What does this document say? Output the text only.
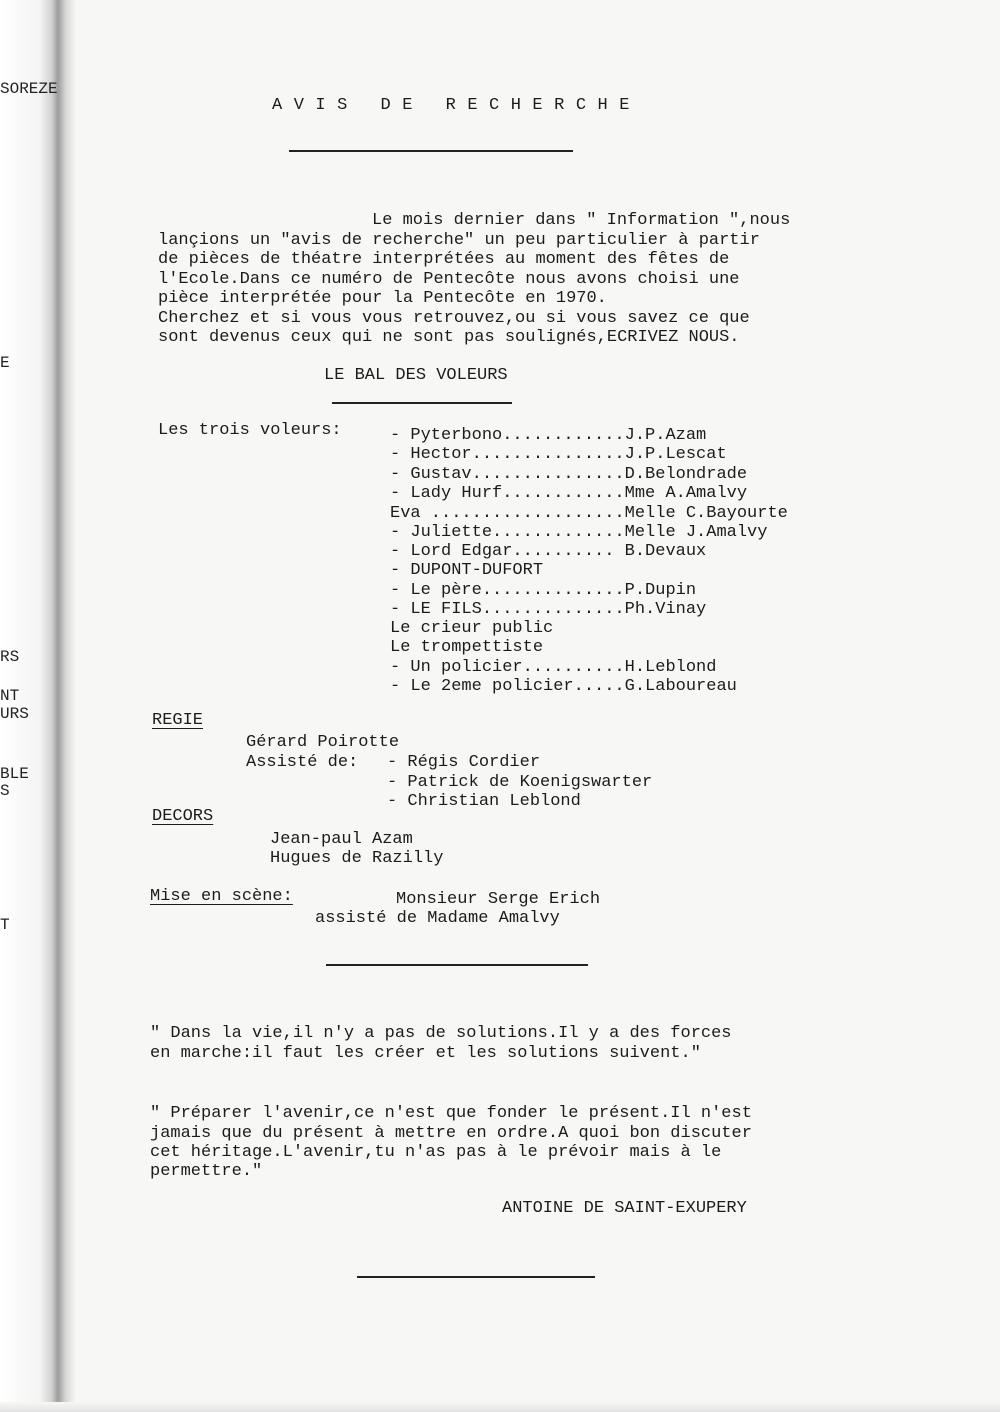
SOREZE
E
RS
NT
URS
BLE
S
T
AVIS DE RECHERCHE
Le mois dernier dans " Information ",nous
lançions un "avis de recherche" un peu particulier à partir
de pièces de théatre interprétées au moment des fêtes de
l'Ecole.Dans ce numéro de Pentecôte nous avons choisi une
pièce interprétée pour la Pentecôte en 1970.
Cherchez et si vous vous retrouvez,ou si vous savez ce que
sont devenus ceux qui ne sont pas soulignés,ECRIVEZ NOUS.
LE BAL DES VOLEURS
Les trois voleurs:	- Pyterbono............J.P.Azam
- Hector...............J.P.Lescat
- Gustav...............D.Belondrade
- Lady Hurf............Mme A.Amalvy
Eva ...................Melle C.Bayourte
- Juliette.............Melle J.Amalvy
- Lord Edgar.......... B.Devaux
- DUPONT-DUFORT
- Le père..............P.Dupin
- LE FILS..............Ph.Vinay
Le crieur public
Le trompettiste
- Un policier..........H.Leblond
- Le 2eme policier.....G.Laboureau
REGIE
Gérard Poirotte
Assisté de: - Régis Cordier
- Patrick de Koenigswarter
- Christian Leblond
DECORS
Jean-paul Azam
Hugues de Razilly
Mise en scène:	Monsieur Serge Erich
assisté de Madame Amalvy
" Dans la vie,il n'y a pas de solutions.Il y a des forces
en marche:il faut les créer et les solutions suivent."
" Préparer l'avenir,ce n'est que fonder le présent.Il n'est
jamais que du présent à mettre en ordre.A quoi bon discuter
cet héritage.L'avenir,tu n'as pas à le prévoir mais à le
permettre."
ANTOINE DE SAINT-EXUPERY
